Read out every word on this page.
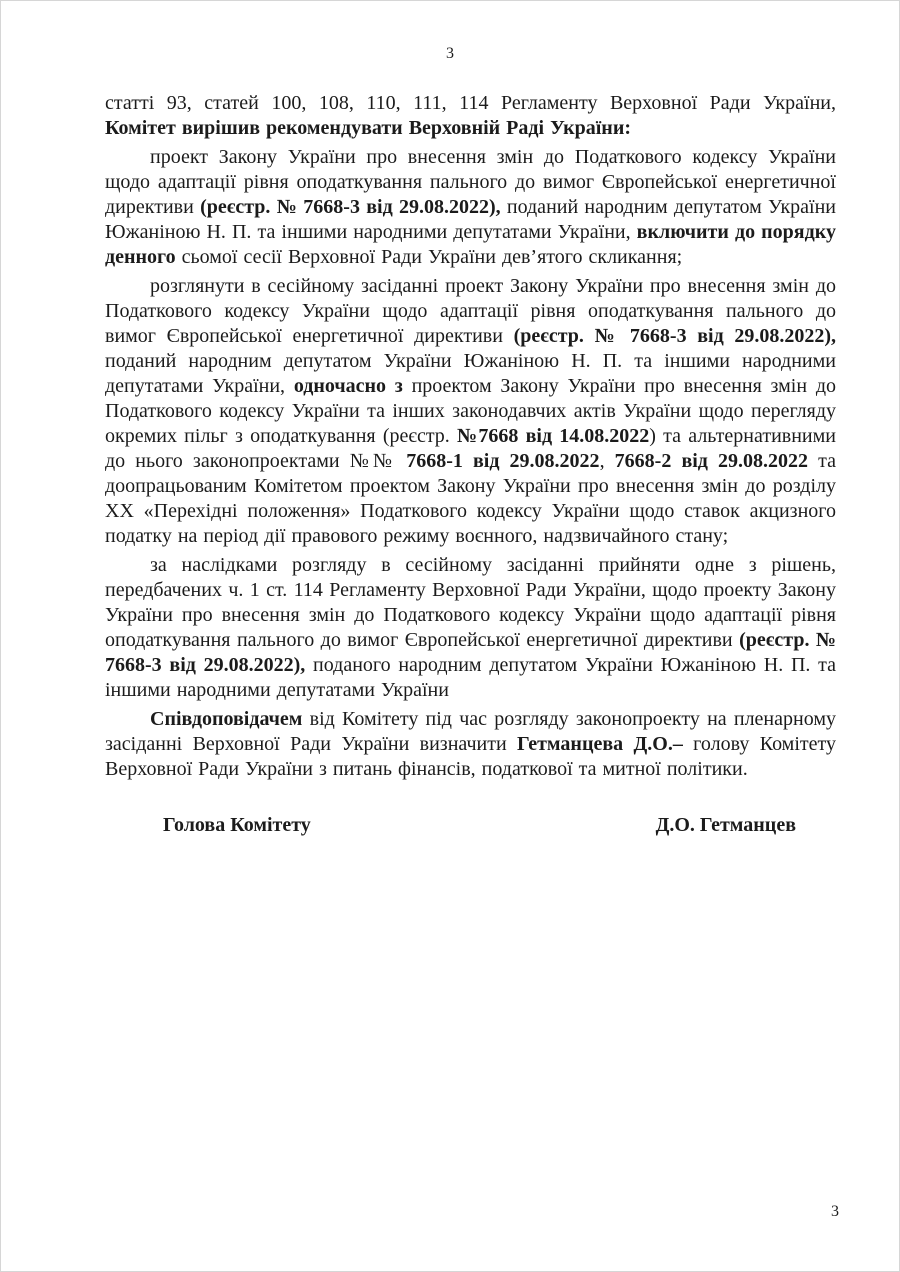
3

статті 93, статей 100, 108, 110, 111, 114 Регламенту Верховної Ради України, Комітет вирішив рекомендувати Верховній Раді України:

проект Закону України про внесення змін до Податкового кодексу України щодо адаптації рівня оподаткування пального до вимог Європейської енергетичної директиви (реєстр. № 7668-3 від 29.08.2022), поданий народним депутатом України Южаніною Н. П. та іншими народними депутатами України, включити до порядку денного сьомої сесії Верховної Ради України дев’ятого скликання;

розглянути в сесійному засіданні проект Закону України про внесення змін до Податкового кодексу України щодо адаптації рівня оподаткування пального до вимог Європейської енергетичної директиви (реєстр. № 7668-3 від 29.08.2022), поданий народним депутатом України Южаніною Н. П. та іншими народними депутатами України, одночасно з проектом Закону України про внесення змін до Податкового кодексу України та інших законодавчих актів України щодо перегляду окремих пільг з оподаткування (реєстр. №7668 від 14.08.2022) та альтернативними до нього законопроектами №№ 7668-1 від 29.08.2022, 7668-2 від 29.08.2022 та доопрацьованим Комітетом проектом Закону України про внесення змін до розділу ХХ «Перехідні положення» Податкового кодексу України щодо ставок акцизного податку на період дії правового режиму воєнного, надзвичайного стану;

за наслідками розгляду в сесійному засіданні прийняти одне з рішень, передбачених ч. 1 ст. 114 Регламенту Верховної Ради України, щодо проекту Закону України про внесення змін до Податкового кодексу України щодо адаптації рівня оподаткування пального до вимог Європейської енергетичної директиви (реєстр. № 7668-3 від 29.08.2022), поданого народним депутатом України Южаніною Н. П. та іншими народними депутатами України

Співдоповідачем від Комітету під час розгляду законопроекту на пленарному засіданні Верховної Ради України визначити Гетманцева Д.О.– голову Комітету Верховної Ради України з питань фінансів, податкової та митної політики.

Голова Комітету	Д.О. Гетманцев
3
